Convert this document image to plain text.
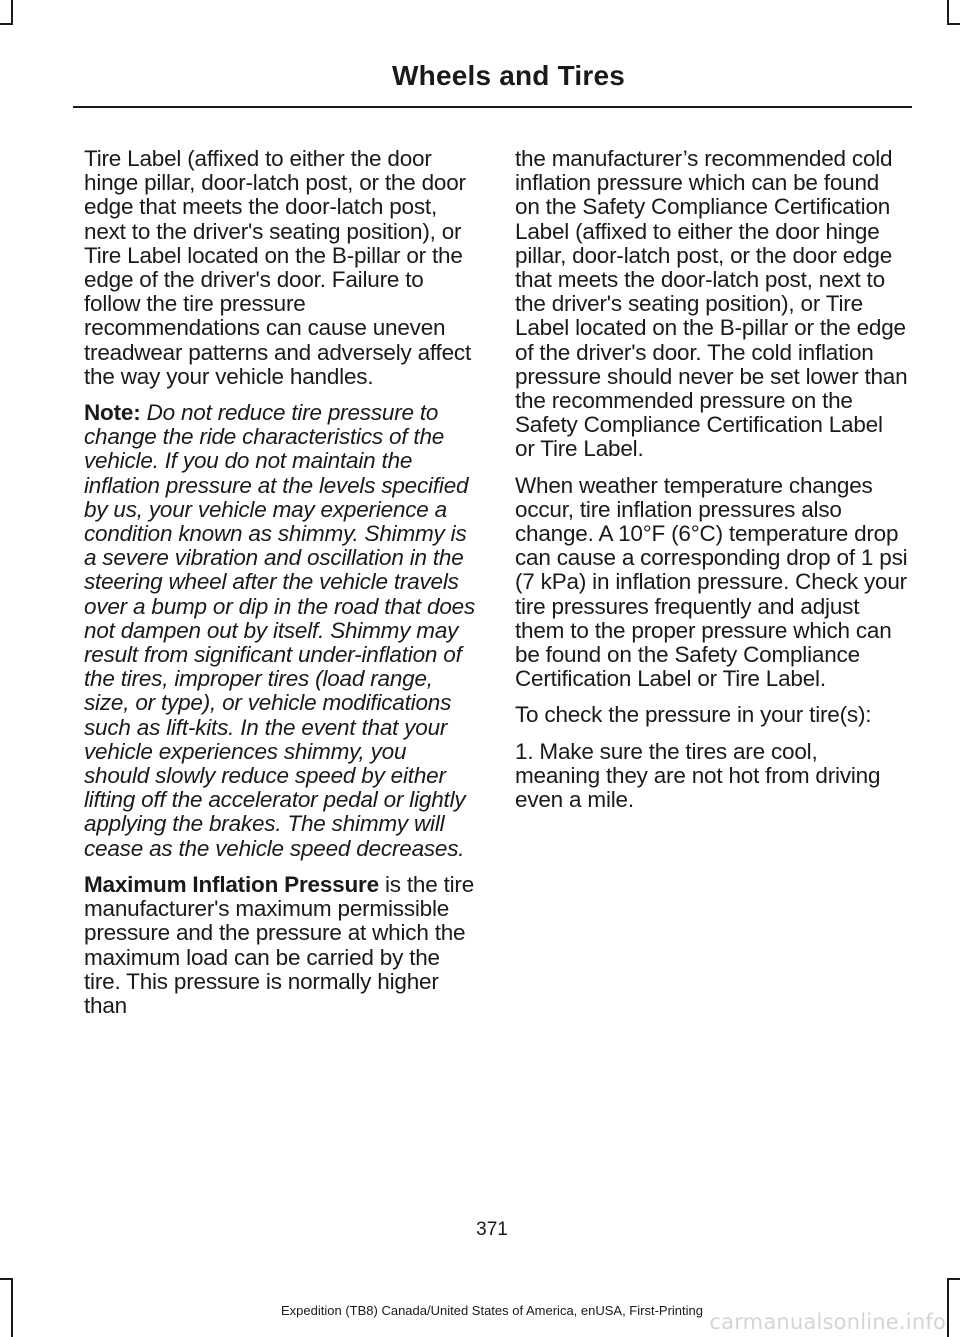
Wheels and Tires

Tire Label (affixed to either the door hinge pillar, door-latch post, or the door edge that meets the door-latch post, next to the driver's seating position), or Tire Label located on the B-pillar or the edge of the driver's door. Failure to follow the tire pressure recommendations can cause uneven treadwear patterns and adversely affect the way your vehicle handles.

Note: Do not reduce tire pressure to change the ride characteristics of the vehicle. If you do not maintain the inflation pressure at the levels specified by us, your vehicle may experience a condition known as shimmy. Shimmy is a severe vibration and oscillation in the steering wheel after the vehicle travels over a bump or dip in the road that does not dampen out by itself. Shimmy may result from significant under-inflation of the tires, improper tires (load range, size, or type), or vehicle modifications such as lift-kits. In the event that your vehicle experiences shimmy, you should slowly reduce speed by either lifting off the accelerator pedal or lightly applying the brakes. The shimmy will cease as the vehicle speed decreases.

Maximum Inflation Pressure is the tire manufacturer's maximum permissible pressure and the pressure at which the maximum load can be carried by the tire. This pressure is normally higher than

the manufacturer’s recommended cold inflation pressure which can be found on the Safety Compliance Certification Label (affixed to either the door hinge pillar, door-latch post, or the door edge that meets the door-latch post, next to the driver's seating position), or Tire Label located on the B-pillar or the edge of the driver's door. The cold inflation pressure should never be set lower than the recommended pressure on the Safety Compliance Certification Label or Tire Label.

When weather temperature changes occur, tire inflation pressures also change. A 10°F (6°C) temperature drop can cause a corresponding drop of 1 psi (7 kPa) in inflation pressure. Check your tire pressures frequently and adjust them to the proper pressure which can be found on the Safety Compliance Certification Label or Tire Label.

To check the pressure in your tire(s):

1. Make sure the tires are cool, meaning they are not hot from driving even a mile.

371
Expedition (TB8) Canada/United States of America, enUSA, First-Printing carmanualsonline.info
